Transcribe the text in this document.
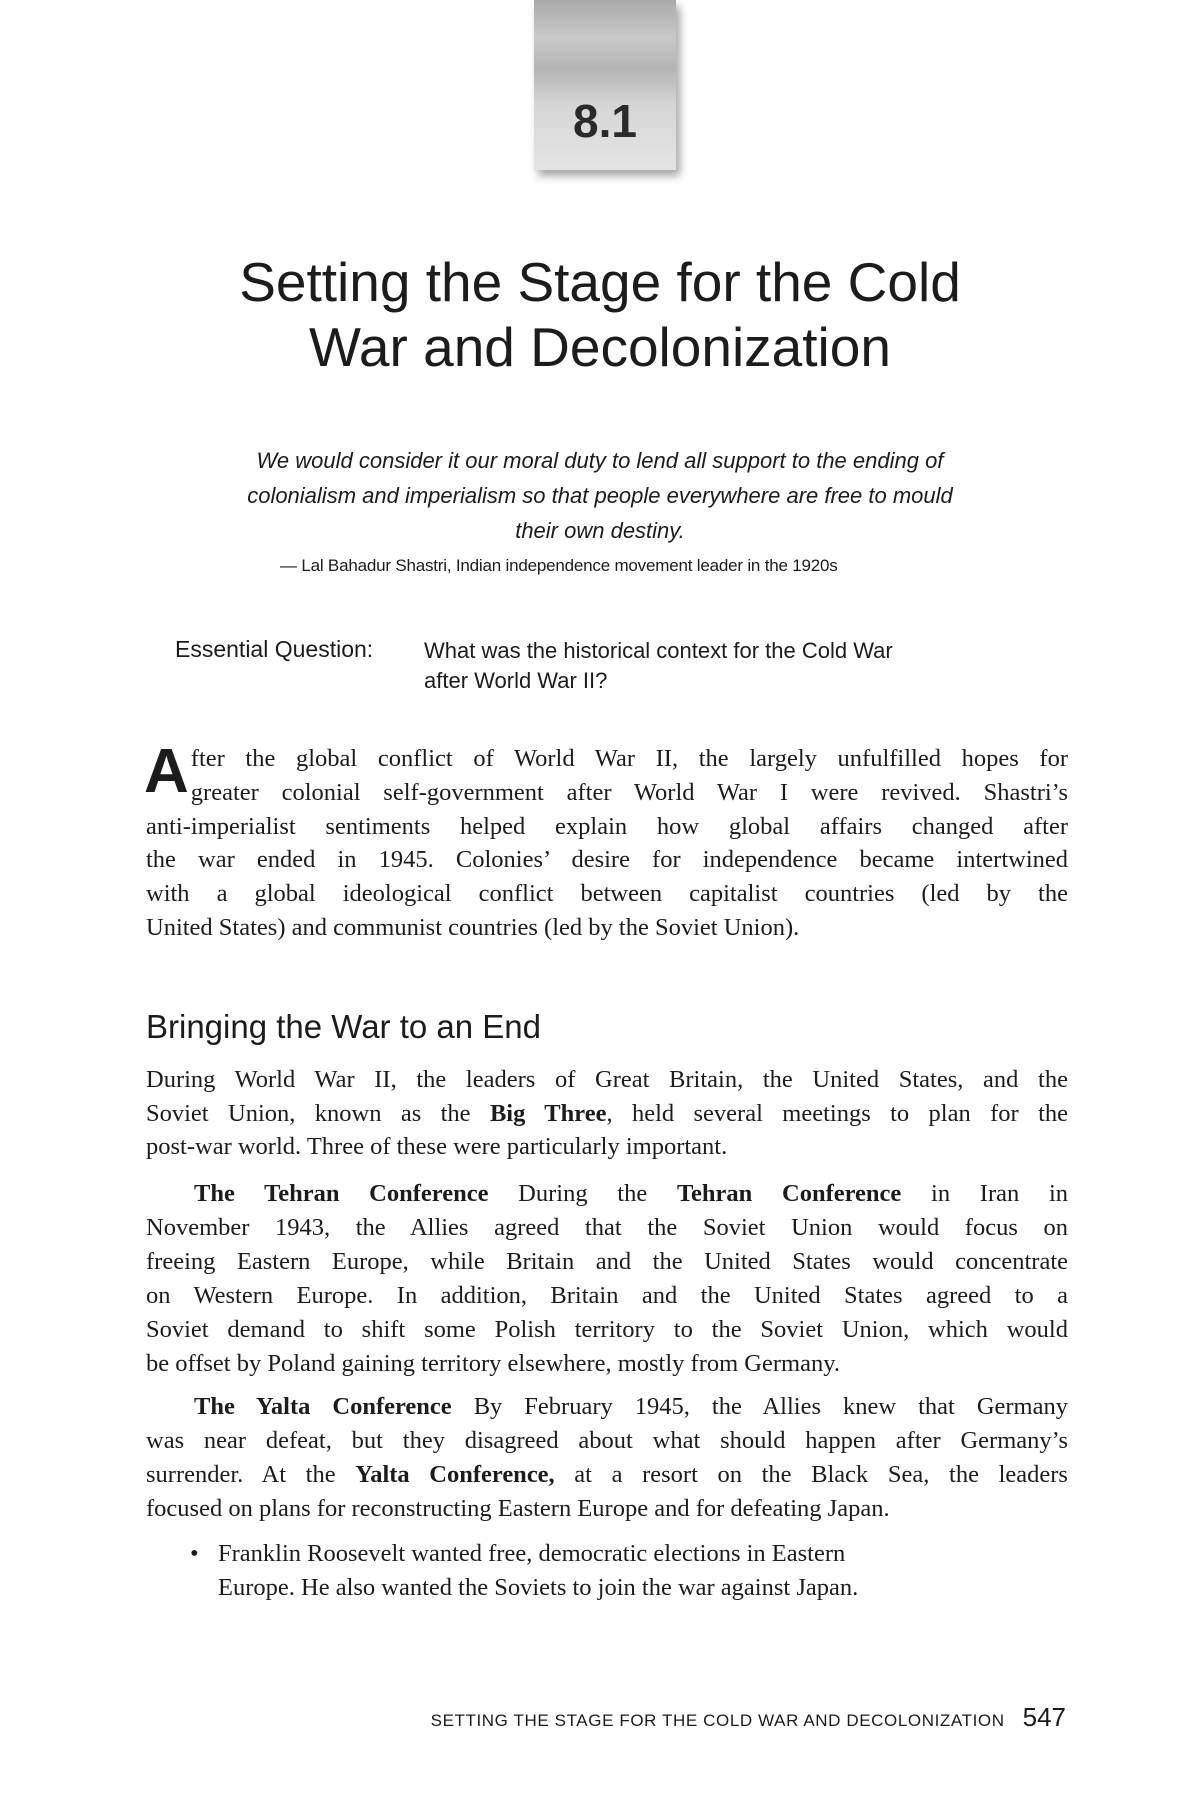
8.1
Setting the Stage for the Cold
War and Decolonization

We would consider it our moral duty to lend all support to the ending of
colonialism and imperialism so that people everywhere are free to mould
their own destiny.

— Lal Bahadur Shastri, Indian independence movement leader in the 1920s

Essential Question: What was the historical context for the Cold War
after World War II?
A fter the global conflict of World War II, the largely unfulfilled hopes for
greater colonial self-government after World War I were revived. Shastri’s
anti-imperialist sentiments helped explain how global affairs changed after
the war ended in 1945. Colonies’ desire for independence became intertwined
with a global ideological conflict between capitalist countries (led by the
United States) and communist countries (led by the Soviet Union).
Bringing the War to an End
During World War II, the leaders of Great Britain, the United States, and the
Soviet Union, known as the Big Three, held several meetings to plan for the
post-war world. Three of these were particularly important.
The Tehran Conference During the Tehran Conference in Iran in
November 1943, the Allies agreed that the Soviet Union would focus on
freeing Eastern Europe, while Britain and the United States would concentrate
on Western Europe. In addition, Britain and the United States agreed to a
Soviet demand to shift some Polish territory to the Soviet Union, which would
be offset by Poland gaining territory elsewhere, mostly from Germany.
The Yalta Conference By February 1945, the Allies knew that Germany
was near defeat, but they disagreed about what should happen after Germany’s
surrender. At the Yalta Conference, at a resort on the Black Sea, the leaders
focused on plans for reconstructing Eastern Europe and for defeating Japan.
• Franklin Roosevelt wanted free, democratic elections in Eastern
Europe. He also wanted the Soviets to join the war against Japan.
SETTING THE STAGE FOR THE COLD WAR AND DECOLONIZATION 547
